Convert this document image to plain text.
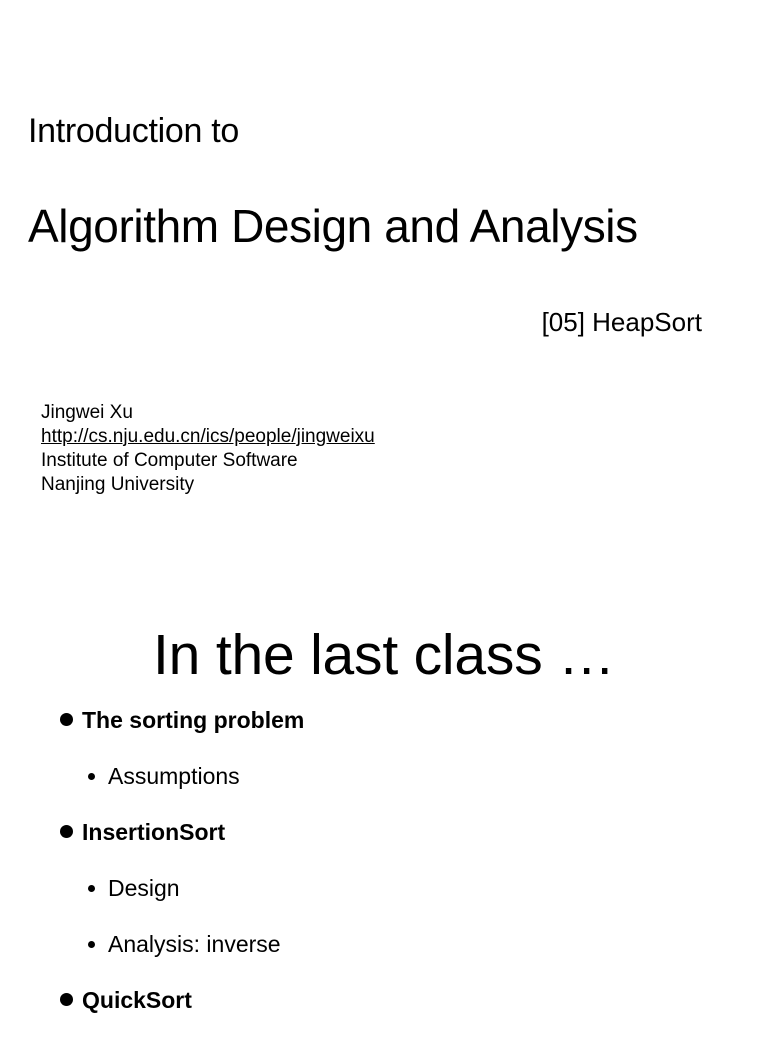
Introduction to
Algorithm Design and Analysis
[05] HeapSort
Jingwei Xu
http://cs.nju.edu.cn/ics/people/jingweixu
Institute of Computer Software
Nanjing University
In the last class …
The sorting problem
Assumptions
InsertionSort
Design
Analysis: inverse
QuickSort
